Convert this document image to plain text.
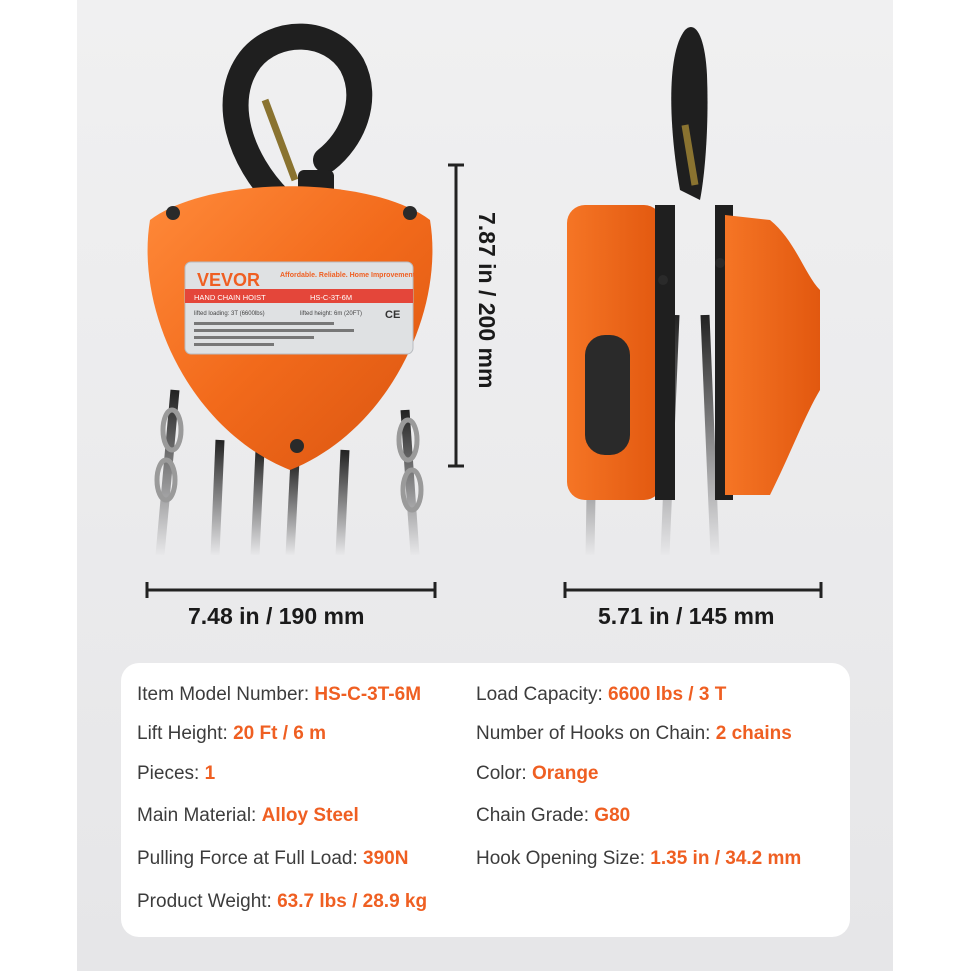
VEVOR	Affordable. Reliable. Home Improvement.
HAND CHAIN HOIST	HS-C-3T-6M
lifted loading: 3T (6600lbs)	lifted height: 6m (20FT) CE	7.87 in / 200 mm
7.48 in / 190 mm	5.71 in / 145 mm
Item Model Number: HS-C-3T-6M
Lift Height: 20 Ft / 6 m
Pieces: 1
Main Material: Alloy Steel
Pulling Force at Full Load: 390N
Product Weight: 63.7 lbs / 28.9 kg
Load Capacity: 6600 lbs / 3 T
Number of Hooks on Chain: 2 chains
Color: Orange
Chain Grade: G80
Hook Opening Size: 1.35 in / 34.2 mm
